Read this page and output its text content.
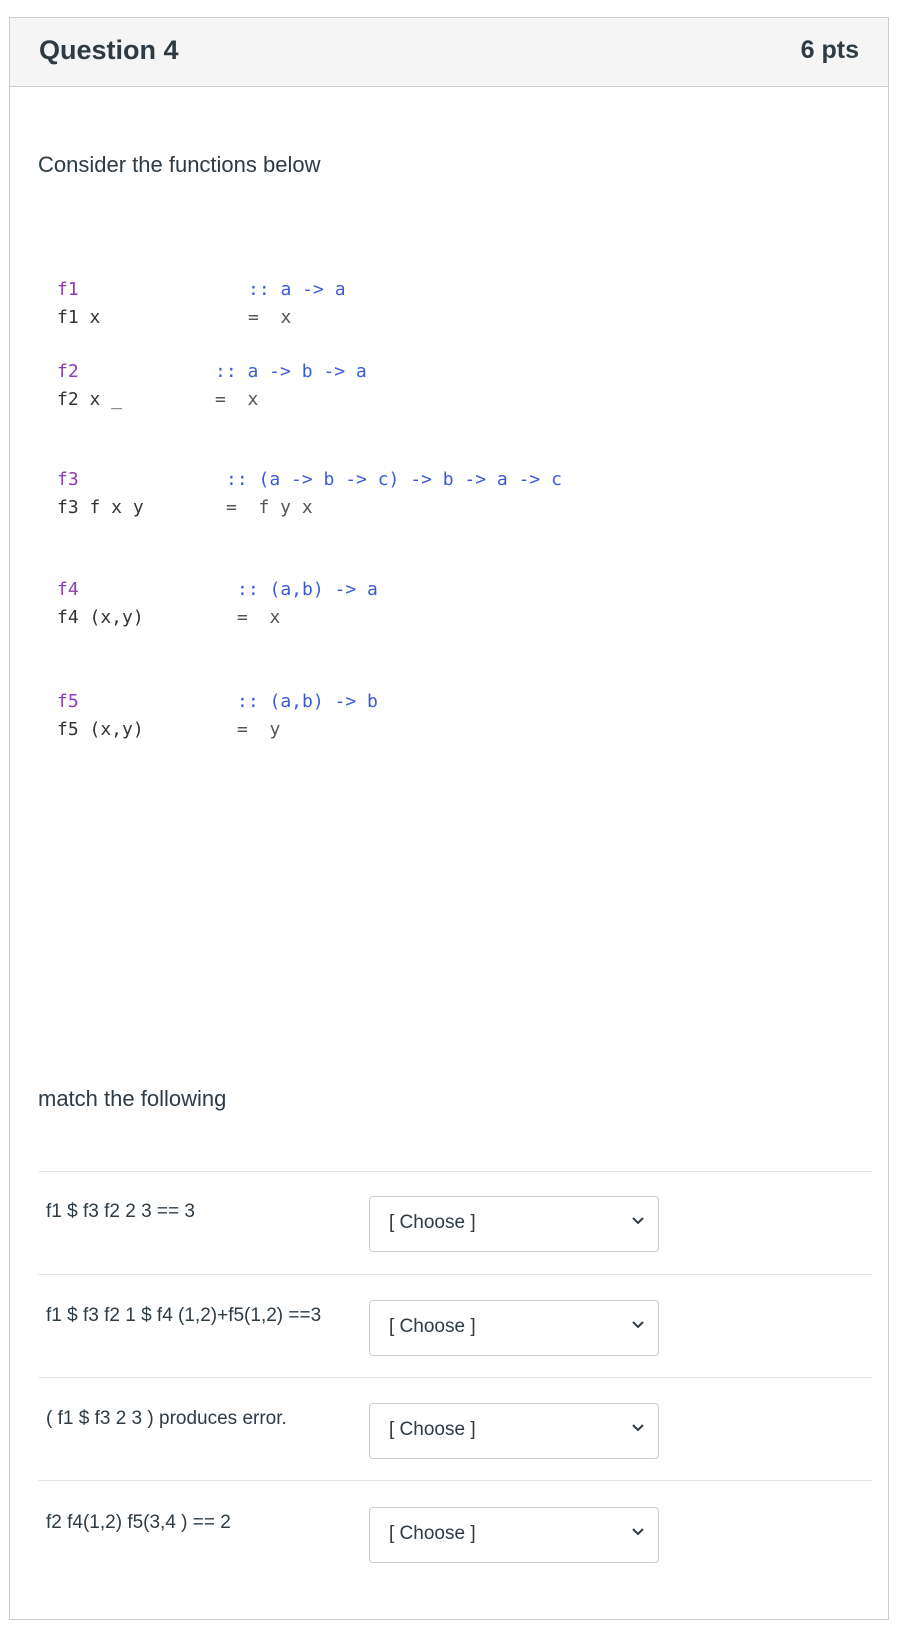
Question 4	6 pts
Consider the functions below
f1
f1 x
:: a -> a
=  x
f2
f2 x _
:: a -> b -> a
=  x
f3
f3 f x y
:: (a -> b -> c) -> b -> a -> c
=  f y x
f4
f4 (x,y)
:: (a,b) -> a
=  x
f5
f5 (x,y)
:: (a,b) -> b
=  y
match the following
f1 $ f3 f2 2 3 == 3
[ Choose ]
f1 $ f3 f2 1 $ f4 (1,2)+f5(1,2) ==3
[ Choose ]
( f1 $ f3 2 3 ) produces error.
[ Choose ]
f2 f4(1,2) f5(3,4 ) == 2
[ Choose ]
